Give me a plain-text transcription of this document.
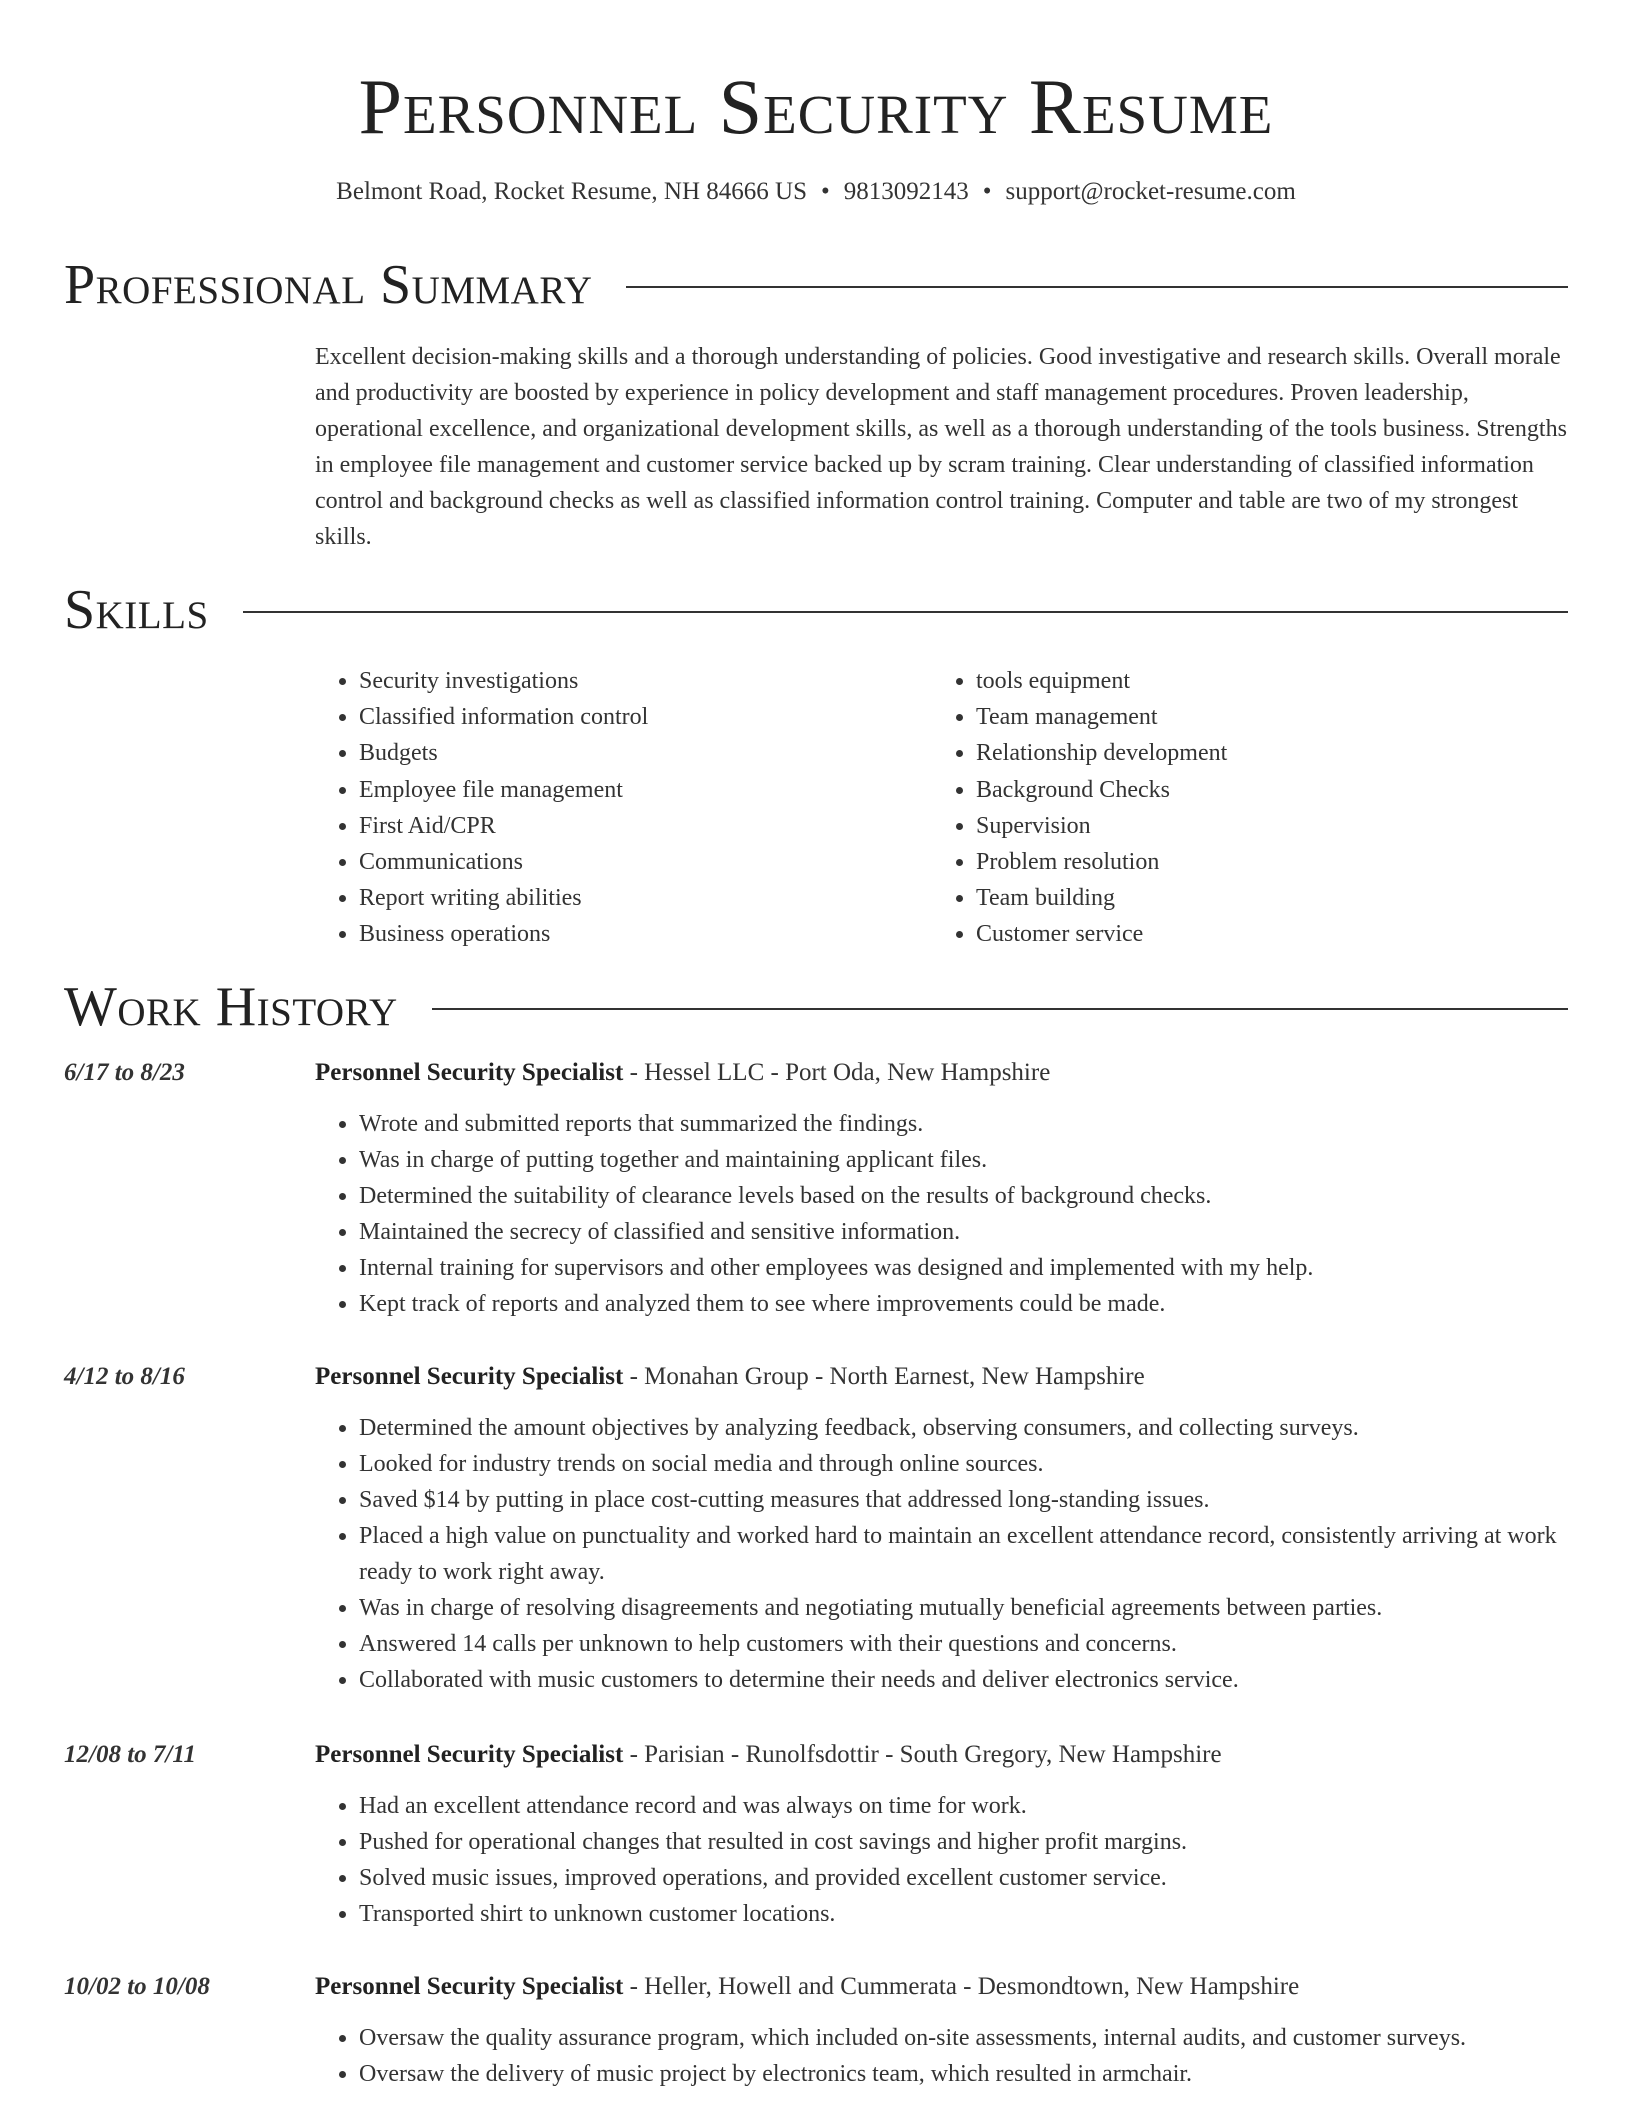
Personnel Security Resume
Belmont Road, Rocket Resume, NH 84666 US • 9813092143 • support@rocket-resume.com
Professional Summary

Excellent decision-making skills and a thorough understanding of policies. Good investigative and research skills. Overall morale and productivity are boosted by experience in policy development and staff management procedures. Proven leadership, operational excellence, and organizational development skills, as well as a thorough understanding of the tools business. Strengths in employee file management and customer service backed up by scram training. Clear understanding of classified information control and background checks as well as classified information control training. Computer and table are two of my strongest skills.

Skills
• Security investigations
• Classified information control
• Budgets
• Employee file management
• First Aid/CPR
• Communications
• Report writing abilities
• Business operations
• tools equipment
• Team management
• Relationship development
• Background Checks
• Supervision
• Problem resolution
• Team building
• Customer service
Work History
6/17 to 8/23	Personnel Security Specialist - Hessel LLC - Port Oda, New Hampshire
• Wrote and submitted reports that summarized the findings.
• Was in charge of putting together and maintaining applicant files.
• Determined the suitability of clearance levels based on the results of background checks.
• Maintained the secrecy of classified and sensitive information.
• Internal training for supervisors and other employees was designed and implemented with my help.
• Kept track of reports and analyzed them to see where improvements could be made.
4/12 to 8/16	Personnel Security Specialist - Monahan Group - North Earnest, New Hampshire
• Determined the amount objectives by analyzing feedback, observing consumers, and collecting surveys.
• Looked for industry trends on social media and through online sources.
• Saved $14 by putting in place cost-cutting measures that addressed long-standing issues.
• Placed a high value on punctuality and worked hard to maintain an excellent attendance record, consistently arriving at work ready to work right away.
• Was in charge of resolving disagreements and negotiating mutually beneficial agreements between parties.
• Answered 14 calls per unknown to help customers with their questions and concerns.
• Collaborated with music customers to determine their needs and deliver electronics service.
12/08 to 7/11	Personnel Security Specialist - Parisian - Runolfsdottir - South Gregory, New Hampshire
• Had an excellent attendance record and was always on time for work.
• Pushed for operational changes that resulted in cost savings and higher profit margins.
• Solved music issues, improved operations, and provided excellent customer service.
• Transported shirt to unknown customer locations.
10/02 to 10/08	Personnel Security Specialist - Heller, Howell and Cummerata - Desmondtown, New Hampshire
• Oversaw the quality assurance program, which included on-site assessments, internal audits, and customer surveys.
• Oversaw the delivery of music project by electronics team, which resulted in armchair.
